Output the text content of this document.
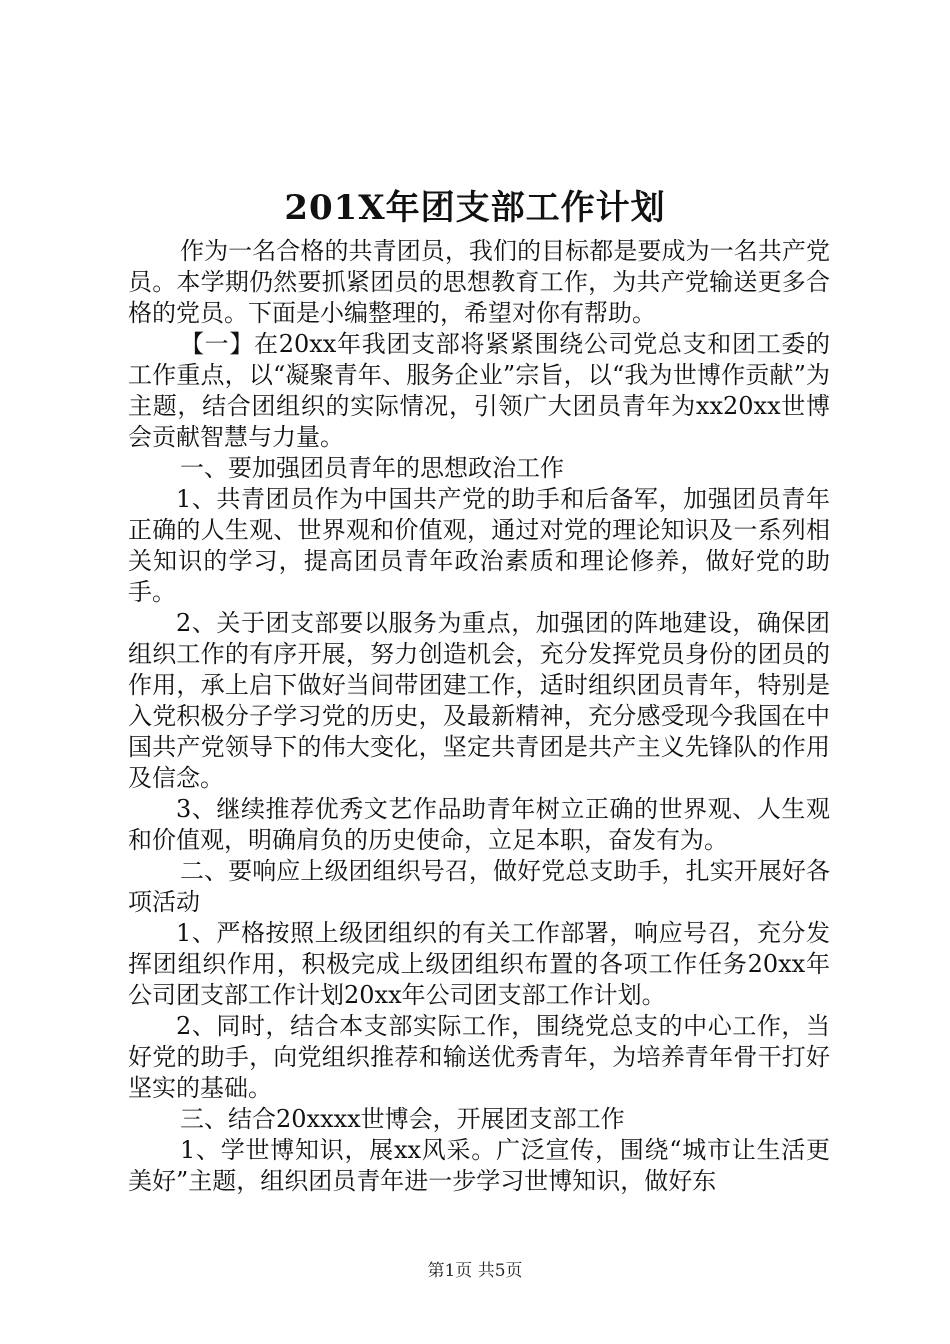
201X年团支部工作计划

作为一名合格的共青团员，我们的目标都是要成为一名共产党员。本学期仍然要抓紧团员的思想教育工作，为共产党输送更多合格的党员。下面是小编整理的，希望对你有帮助。

【一】在20xx年我团支部将紧紧围绕公司党总支和团工委的工作重点，以“凝聚青年、服务企业”宗旨，以“我为世博作贡献”为主题，结合团组织的实际情况，引领广大团员青年为xx20xx世博会贡献智慧与力量。

一、要加强团员青年的思想政治工作

1、共青团员作为中国共产党的助手和后备军，加强团员青年正确的人生观、世界观和价值观，通过对党的理论知识及一系列相关知识的学习，提高团员青年政治素质和理论修养，做好党的助手。

2、关于团支部要以服务为重点，加强团的阵地建设，确保团组织工作的有序开展，努力创造机会，充分发挥党员身份的团员的作用，承上启下做好当间带团建工作，适时组织团员青年，特别是入党积极分子学习党的历史，及最新精神，充分感受现今我国在中国共产党领导下的伟大变化，坚定共青团是共产主义先锋队的作用及信念。

3、继续推荐优秀文艺作品助青年树立正确的世界观、人生观和价值观，明确肩负的历史使命，立足本职，奋发有为。

二、要响应上级团组织号召，做好党总支助手，扎实开展好各项活动

1、严格按照上级团组织的有关工作部署，响应号召，充分发挥团组织作用，积极完成上级团组织布置的各项工作任务20xx年公司团支部工作计划20xx年公司团支部工作计划。

2、同时，结合本支部实际工作，围绕党总支的中心工作，当好党的助手，向党组织推荐和输送优秀青年，为培养青年骨干打好坚实的基础。

三、结合20xxxx世博会，开展团支部工作

1、学世博知识，展xx风采。广泛宣传，围绕“城市让生活更美好”主题，组织团员青年进一步学习世博知识，做好东

第1页 共5页
